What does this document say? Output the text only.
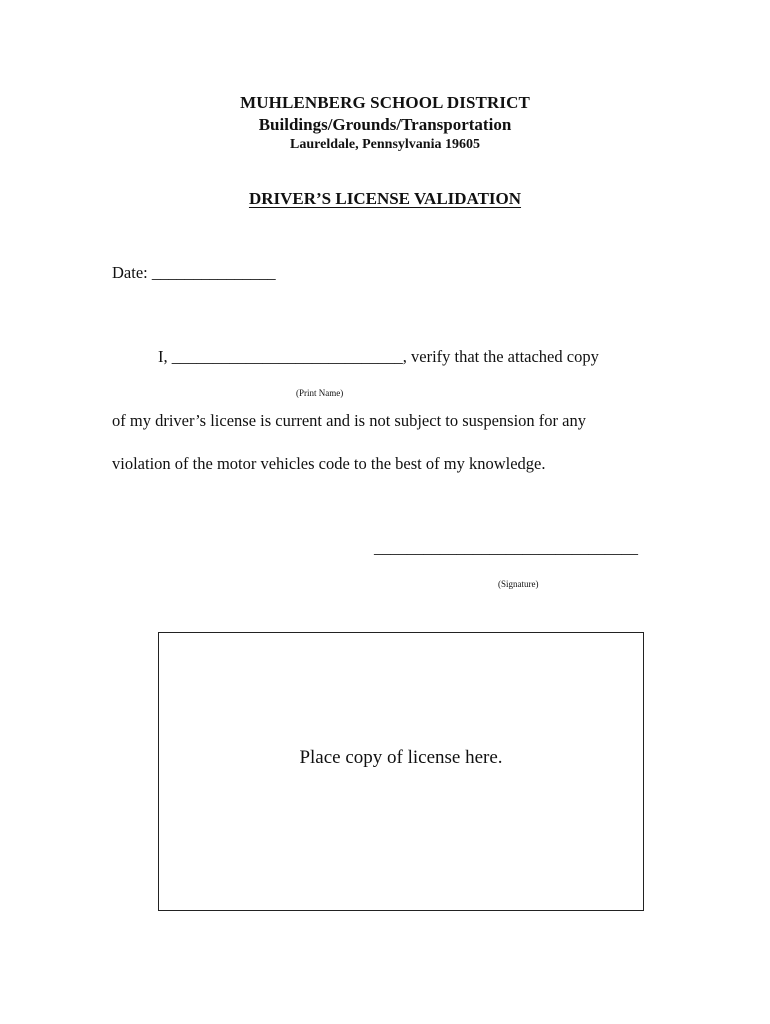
MUHLENBERG SCHOOL DISTRICT
Buildings/Grounds/Transportation
Laureldale, Pennsylvania 19605
DRIVER’S LICENSE VALIDATION
Date: _______________
I, ____________________________, verify that the attached copy
(Print Name)
of my driver’s license is current and is not subject to suspension for any
violation of the motor vehicles code to the best of my knowledge.
________________________________
(Signature)
Place copy of license here.
